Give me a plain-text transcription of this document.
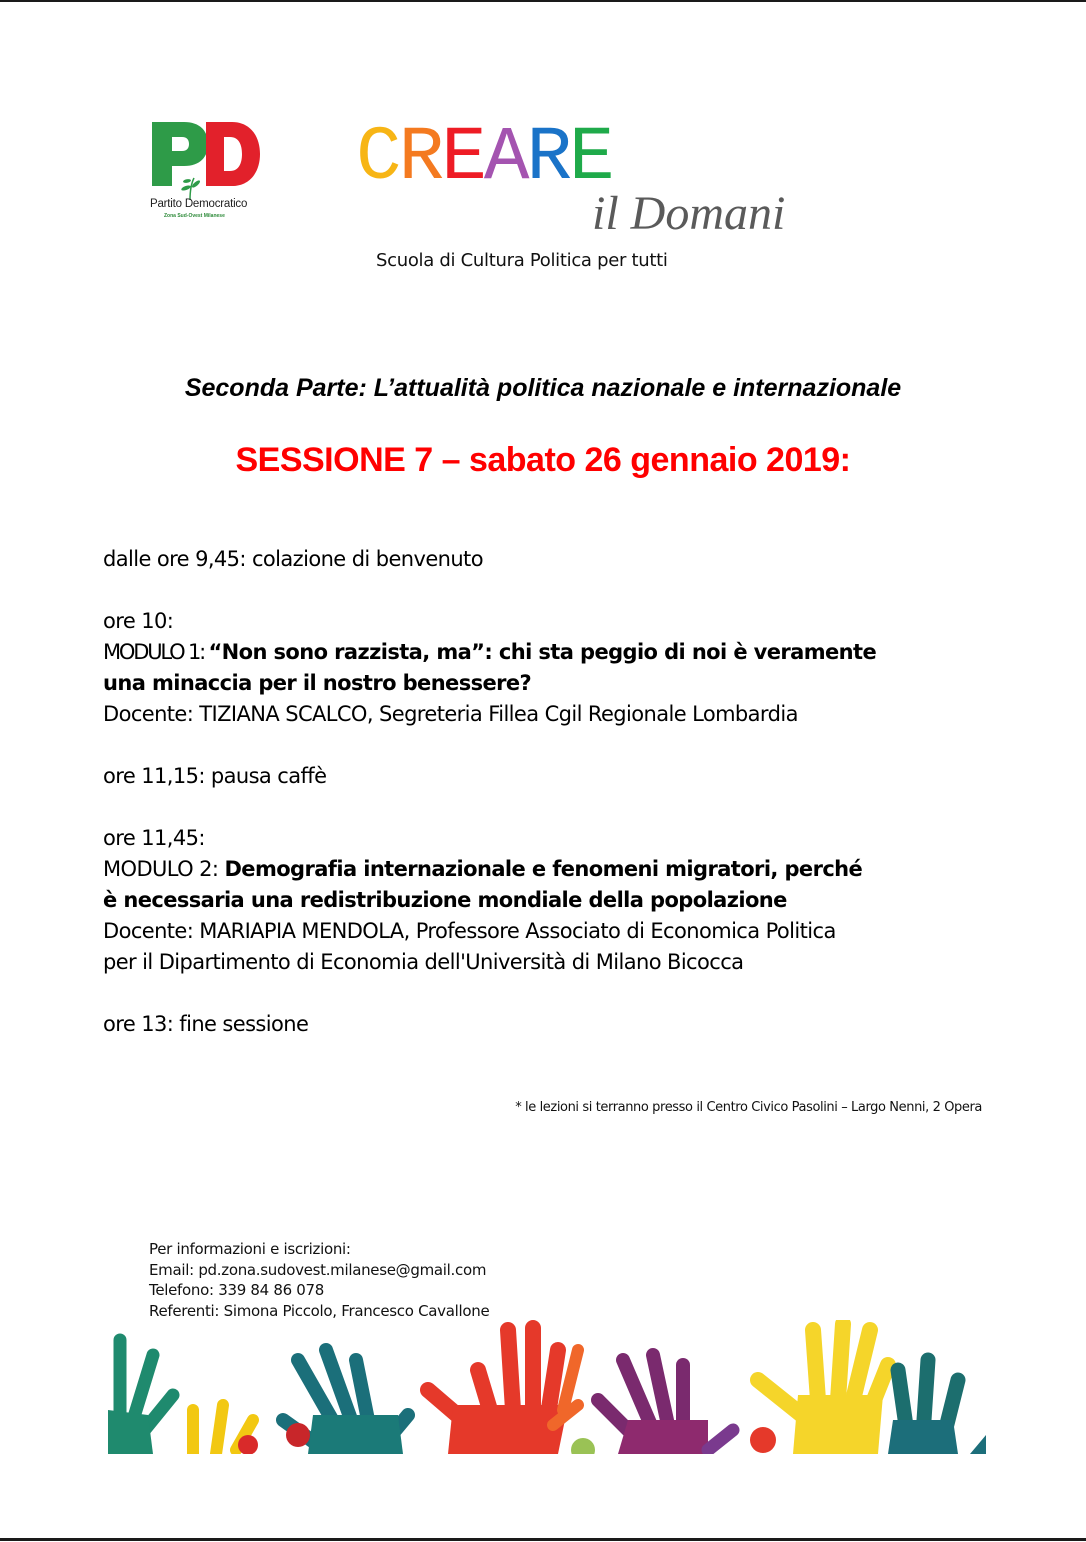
Partito Democratico
Zona Sud-Ovest Milanese
CREARE
il Domani
Scuola di Cultura Politica per tutti
Seconda Parte: L’attualità politica nazionale e internazionale
SESSIONE 7 – sabato 26 gennaio 2019:
dalle ore 9,45: colazione di benvenuto
ore 10:
MODULO 1: “Non sono razzista, ma”: chi sta peggio di noi è veramente
una minaccia per il nostro benessere?
Docente: TIZIANA SCALCO, Segreteria Fillea Cgil Regionale Lombardia
ore 11,15: pausa caffè
ore 11,45:
MODULO 2: Demografia internazionale e fenomeni migratori, perché
è necessaria una redistribuzione mondiale della popolazione
Docente: MARIAPIA MENDOLA, Professore Associato di Economica Politica
per il Dipartimento di Economia dell'Università di Milano Bicocca
ore 13: fine sessione
* le lezioni si terranno presso il Centro Civico Pasolini – Largo Nenni, 2 Opera
Per informazioni e iscrizioni:
Email: pd.zona.sudovest.milanese@gmail.com
Telefono: 339 84 86 078
Referenti: Simona Piccolo, Francesco Cavallone
